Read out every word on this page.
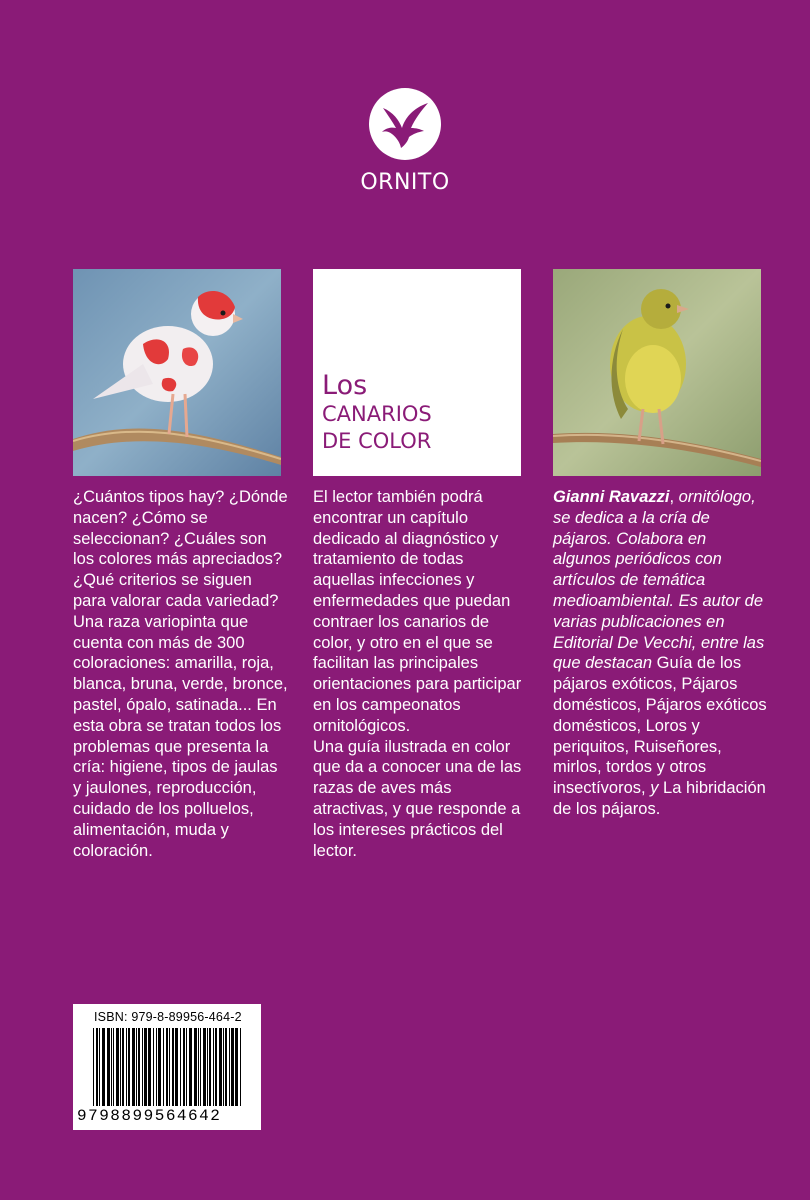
ORNITO
Los
CANARIOS
DE COLOR

¿Cuántos tipos hay? ¿Dónde nacen? ¿Cómo se seleccionan? ¿Cuáles son los colores más apreciados? ¿Qué criterios se siguen para valorar cada variedad? Una raza variopinta que cuenta con más de 300 coloraciones: amarilla, roja, blanca, bruna, verde, bronce, pastel, ópalo, satinada... En esta obra se tratan todos los problemas que presenta la cría: higiene, tipos de jaulas y jaulones, reproducción, cuidado de los polluelos, alimentación, muda y coloración.

El lector también podrá encontrar un capítulo dedicado al diagnóstico y tratamiento de todas aquellas infecciones y enfermedades que puedan contraer los canarios de color, y otro en el que se facilitan las principales orientaciones para participar en los campeonatos ornitológicos.

Una guía ilustrada en color que da a conocer una de las razas de aves más atractivas, y que responde a los intereses prácticos del lector.

Gianni Ravazzi, ornitólogo, se dedica a la cría de pájaros. Colabora en algunos periódicos con artículos de temática medioambiental. Es autor de varias publicaciones en Editorial De Vecchi, entre las que destacan Guía de los pájaros exóticos, Pájaros domésticos, Pájaros exóticos domésticos, Loros y periquitos, Ruiseñores, mirlos, tordos y otros insectívoros, y La hibridación de los pájaros.

ISBN: 979-8-89956-464-2
9798899564642
